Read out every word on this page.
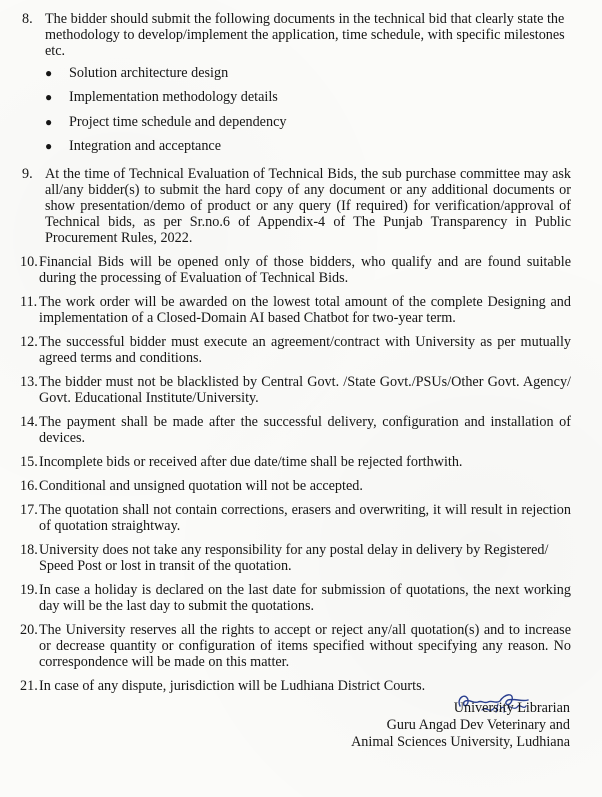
8. The bidder should submit the following documents in the technical bid that clearly state the methodology to develop/implement the application, time schedule, with specific milestones etc.
●	Solution architecture design
●	Implementation methodology details
●	Project time schedule and dependency
●	Integration and acceptance
9. At the time of Technical Evaluation of Technical Bids, the sub purchase committee may ask all/any bidder(s) to submit the hard copy of any document or any additional documents or show presentation/demo of product or any query (If required) for verification/approval of Technical bids, as per Sr.no.6 of Appendix-4 of The Punjab Transparency in Public Procurement Rules, 2022.
10. Financial Bids will be opened only of those bidders, who qualify and are found suitable during the processing of Evaluation of Technical Bids.
11. The work order will be awarded on the lowest total amount of the complete Designing and implementation of a Closed-Domain AI based Chatbot for two-year term.
12. The successful bidder must execute an agreement/contract with University as per mutually agreed terms and conditions.
13. The bidder must not be blacklisted by Central Govt. /State Govt./PSUs/Other Govt. Agency/ Govt. Educational Institute/University.
14. The payment shall be made after the successful delivery, configuration and installation of devices.
15. Incomplete bids or received after due date/time shall be rejected forthwith.
16. Conditional and unsigned quotation will not be accepted.
17. The quotation shall not contain corrections, erasers and overwriting, it will result in rejection of quotation straightway.
18. University does not take any responsibility for any postal delay in delivery by Registered/ Speed Post or lost in transit of the quotation.
19. In case a holiday is declared on the last date for submission of quotations, the next working day will be the last day to submit the quotations.
20. The University reserves all the rights to accept or reject any/all quotation(s) and to increase or decrease quantity or configuration of items specified without specifying any reason. No correspondence will be made on this matter.
21. In case of any dispute, jurisdiction will be Ludhiana District Courts.
University Librarian
Guru Angad Dev Veterinary and
Animal Sciences University, Ludhiana
